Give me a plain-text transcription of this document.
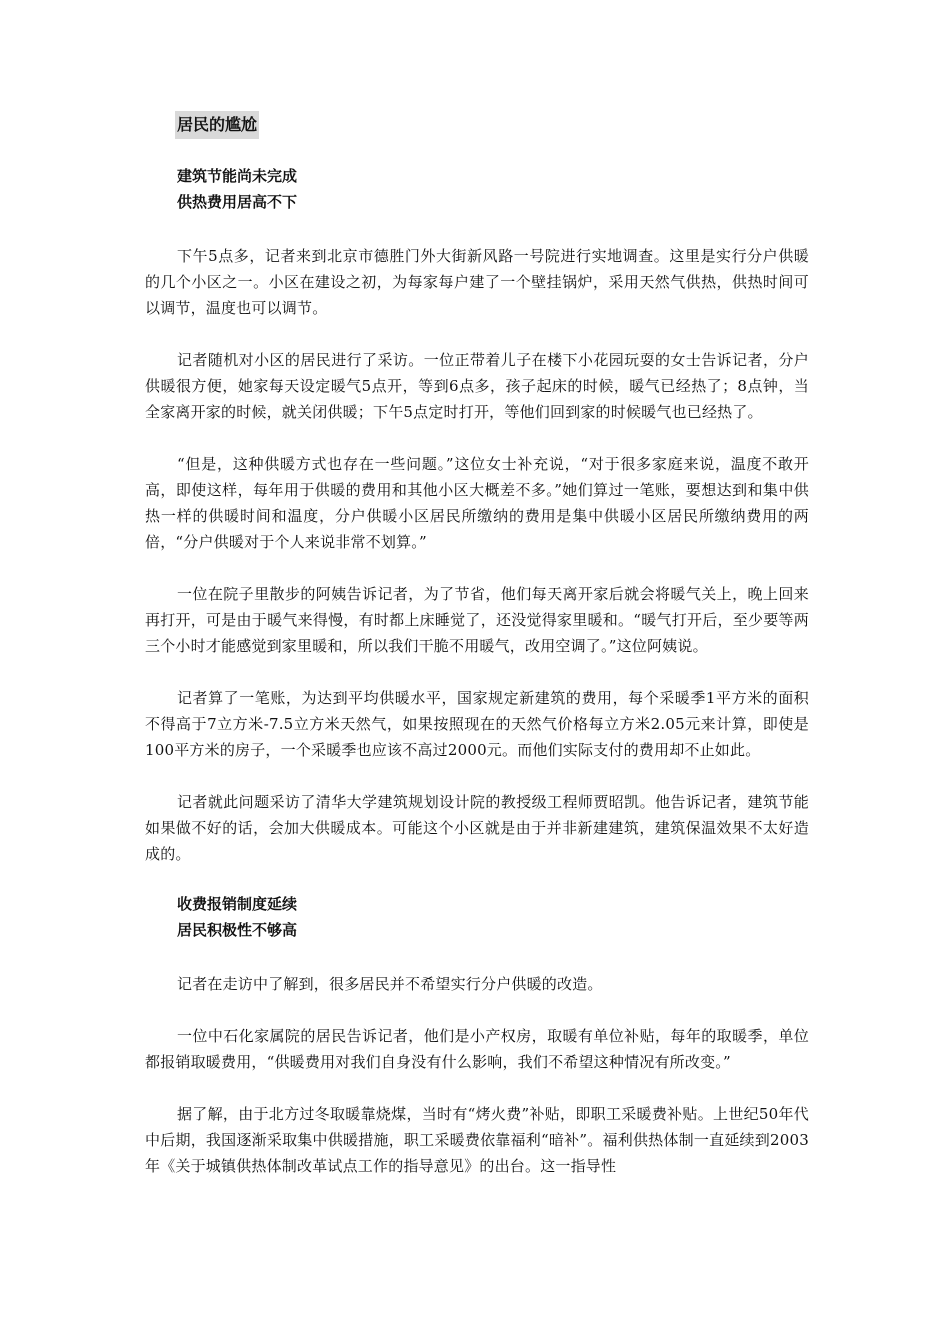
居民的尴尬
建筑节能尚未完成
供热费用居高不下

下午5点多，记者来到北京市德胜门外大街新风路一号院进行实地调查。这里是实行分户供暖的几个小区之一。小区在建设之初，为每家每户建了一个壁挂锅炉，采用天然气供热，供热时间可以调节，温度也可以调节。

记者随机对小区的居民进行了采访。一位正带着儿子在楼下小花园玩耍的女士告诉记者，分户供暖很方便，她家每天设定暖气5点开，等到6点多，孩子起床的时候，暖气已经热了；8点钟，当全家离开家的时候，就关闭供暖；下午5点定时打开，等他们回到家的时候暖气也已经热了。

“但是，这种供暖方式也存在一些问题。”这位女士补充说，“对于很多家庭来说，温度不敢开高，即使这样，每年用于供暖的费用和其他小区大概差不多。”她们算过一笔账，要想达到和集中供热一样的供暖时间和温度，分户供暖小区居民所缴纳的费用是集中供暖小区居民所缴纳费用的两倍，“分户供暖对于个人来说非常不划算。”

一位在院子里散步的阿姨告诉记者，为了节省，他们每天离开家后就会将暖气关上，晚上回来再打开，可是由于暖气来得慢，有时都上床睡觉了，还没觉得家里暖和。“暖气打开后，至少要等两三个小时才能感觉到家里暖和，所以我们干脆不用暖气，改用空调了。”这位阿姨说。

记者算了一笔账，为达到平均供暖水平，国家规定新建筑的费用，每个采暖季1平方米的面积不得高于7立方米-7.5立方米天然气，如果按照现在的天然气价格每立方米2.05元来计算，即使是100平方米的房子，一个采暖季也应该不高过2000元。而他们实际支付的费用却不止如此。

记者就此问题采访了清华大学建筑规划设计院的教授级工程师贾昭凯。他告诉记者，建筑节能如果做不好的话，会加大供暖成本。可能这个小区就是由于并非新建建筑，建筑保温效果不太好造成的。

收费报销制度延续
居民积极性不够高

记者在走访中了解到，很多居民并不希望实行分户供暖的改造。

一位中石化家属院的居民告诉记者，他们是小产权房，取暖有单位补贴，每年的取暖季，单位都报销取暖费用，“供暖费用对我们自身没有什么影响，我们不希望这种情况有所改变。”

据了解，由于北方过冬取暖靠烧煤，当时有“烤火费”补贴，即职工采暖费补贴。上世纪50年代中后期，我国逐渐采取集中供暖措施，职工采暖费依靠福利“暗补”。福利供热体制一直延续到2003年《关于城镇供热体制改革试点工作的指导意见》的出台。这一指导性
